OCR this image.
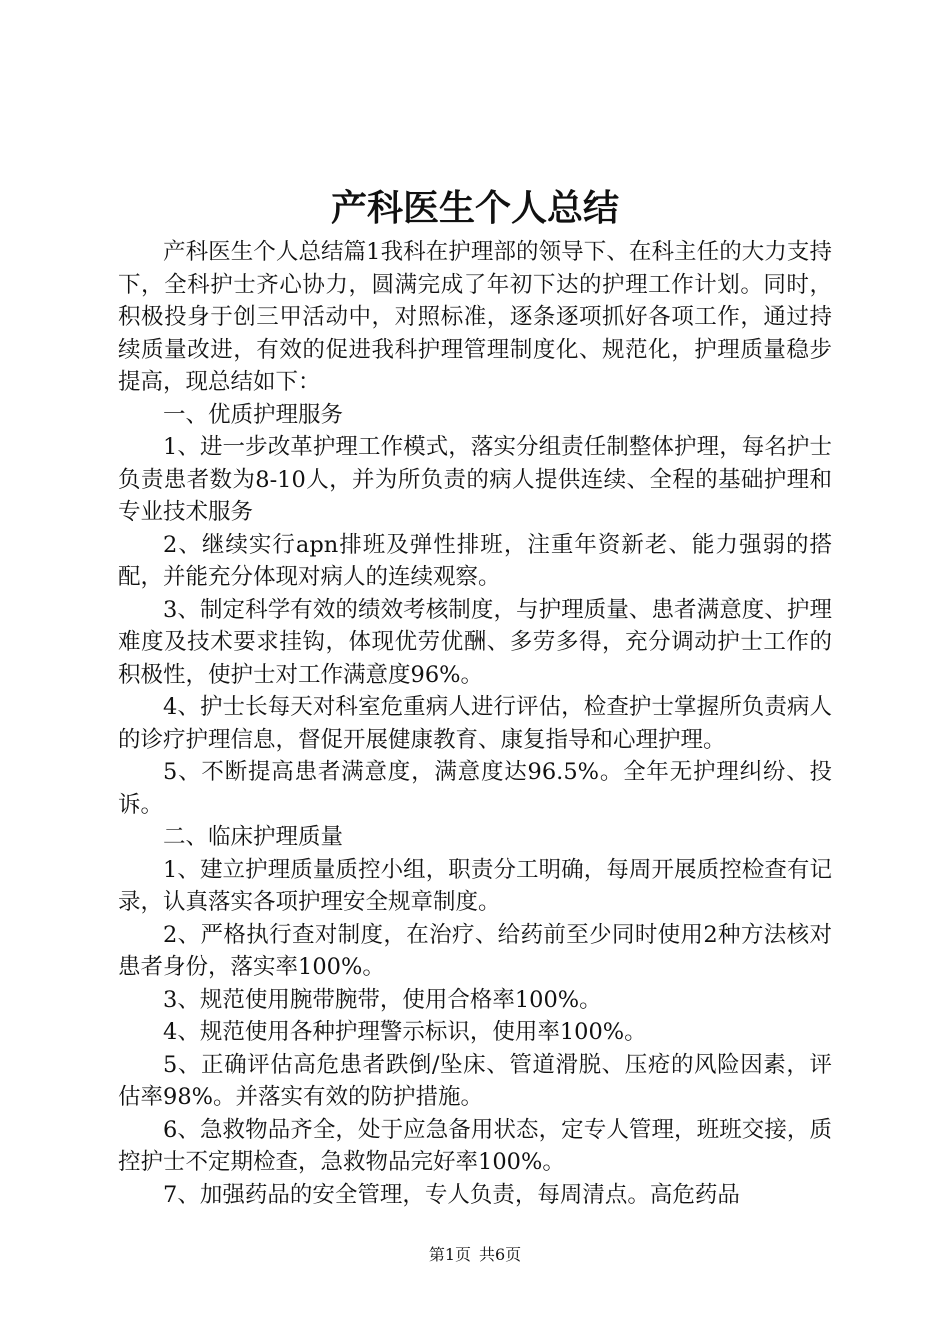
产科医生个人总结

产科医生个人总结篇1我科在护理部的领导下、在科主任的大力支持下，全科护士齐心协力，圆满完成了年初下达的护理工作计划。同时，积极投身于创三甲活动中，对照标准，逐条逐项抓好各项工作，通过持续质量改进，有效的促进我科护理管理制度化、规范化，护理质量稳步提高，现总结如下：

一、优质护理服务

1、进一步改革护理工作模式，落实分组责任制整体护理，每名护士负责患者数为8-10人，并为所负责的病人提供连续、全程的基础护理和专业技术服务

2、继续实行apn排班及弹性排班，注重年资新老、能力强弱的搭配，并能充分体现对病人的连续观察。

3、制定科学有效的绩效考核制度，与护理质量、患者满意度、护理难度及技术要求挂钩，体现优劳优酬、多劳多得，充分调动护士工作的积极性，使护士对工作满意度96%。

4、护士长每天对科室危重病人进行评估，检查护士掌握所负责病人的诊疗护理信息，督促开展健康教育、康复指导和心理护理。

5、不断提高患者满意度，满意度达96.5%。全年无护理纠纷、投诉。

二、临床护理质量

1、建立护理质量质控小组，职责分工明确，每周开展质控检查有记录，认真落实各项护理安全规章制度。

2、严格执行查对制度，在治疗、给药前至少同时使用2种方法核对患者身份，落实率100%。

3、规范使用腕带腕带，使用合格率100%。

4、规范使用各种护理警示标识，使用率100%。

5、正确评估高危患者跌倒/坠床、管道滑脱、压疮的风险因素，评估率98%。并落实有效的防护措施。

6、急救物品齐全，处于应急备用状态，定专人管理，班班交接，质控护士不定期检查，急救物品完好率100%。

7、加强药品的安全管理，专人负责，每周清点。高危药品

第1页 共6页
